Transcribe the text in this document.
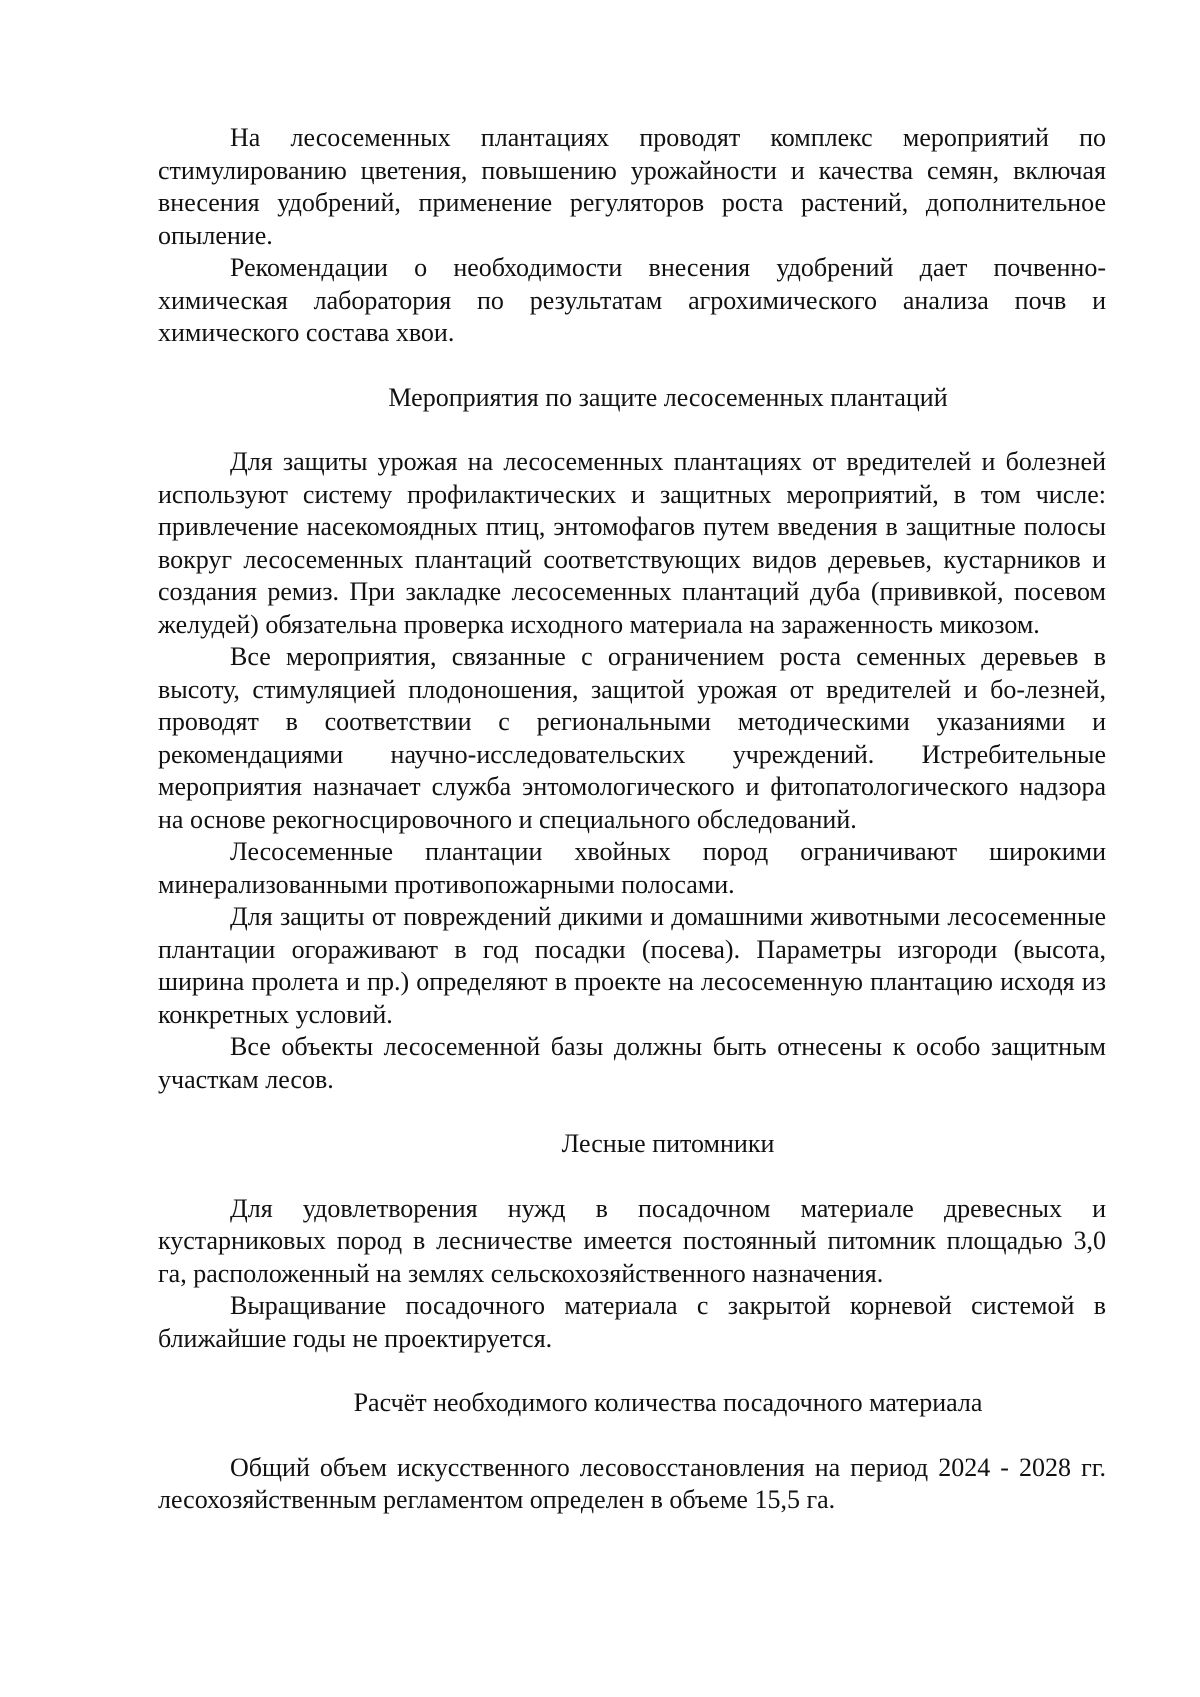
На лесосеменных плантациях проводят комплекс мероприятий по стимулированию цветения, повышению урожайности и качества семян, включая внесения удобрений, применение регуляторов роста растений, дополнительное опыление.

Рекомендации о необходимости внесения удобрений дает почвенно-химическая лаборатория по результатам агрохимического анализа почв и химического состава хвои.

Мероприятия по защите лесосеменных плантаций

Для защиты урожая на лесосеменных плантациях от вредителей и болезней используют систему профилактических и защитных мероприятий, в том числе: привлечение насекомоядных птиц, энтомофагов путем введения в защитные полосы вокруг лесосеменных плантаций соответствующих видов деревьев, кустарников и создания ремиз. При закладке лесосеменных плантаций дуба (прививкой, посевом желудей) обязательна проверка исходного материала на зараженность микозом.

Все мероприятия, связанные с ограничением роста семенных деревьев в высоту, стимуляцией плодоношения, защитой урожая от вредителей и бо-лезней, проводят в соответствии с региональными методическими указаниями и рекомендациями научно-исследовательских учреждений. Истребительные мероприятия назначает служба энтомологического и фитопатологического надзора на основе рекогносцировочного и специального обследований.

Лесосеменные плантации хвойных пород ограничивают широкими минерализованными противопожарными полосами.

Для защиты от повреждений дикими и домашними животными лесосеменные плантации огораживают в год посадки (посева). Параметры изгороди (высота, ширина пролета и пр.) определяют в проекте на лесосеменную плантацию исходя из конкретных условий.

Все объекты лесосеменной базы должны быть отнесены к особо защитным участкам лесов.

Лесные питомники

Для удовлетворения нужд в посадочном материале древесных и кустарниковых пород в лесничестве имеется постоянный питомник площадью 3,0 га, расположенный на землях сельскохозяйственного назначения.

Выращивание посадочного материала с закрытой корневой системой в ближайшие годы не проектируется.

Расчёт необходимого количества посадочного материала

Общий объем искусственного лесовосстановления на период 2024 - 2028 гг. лесохозяйственным регламентом определен в объеме 15,5 га.
